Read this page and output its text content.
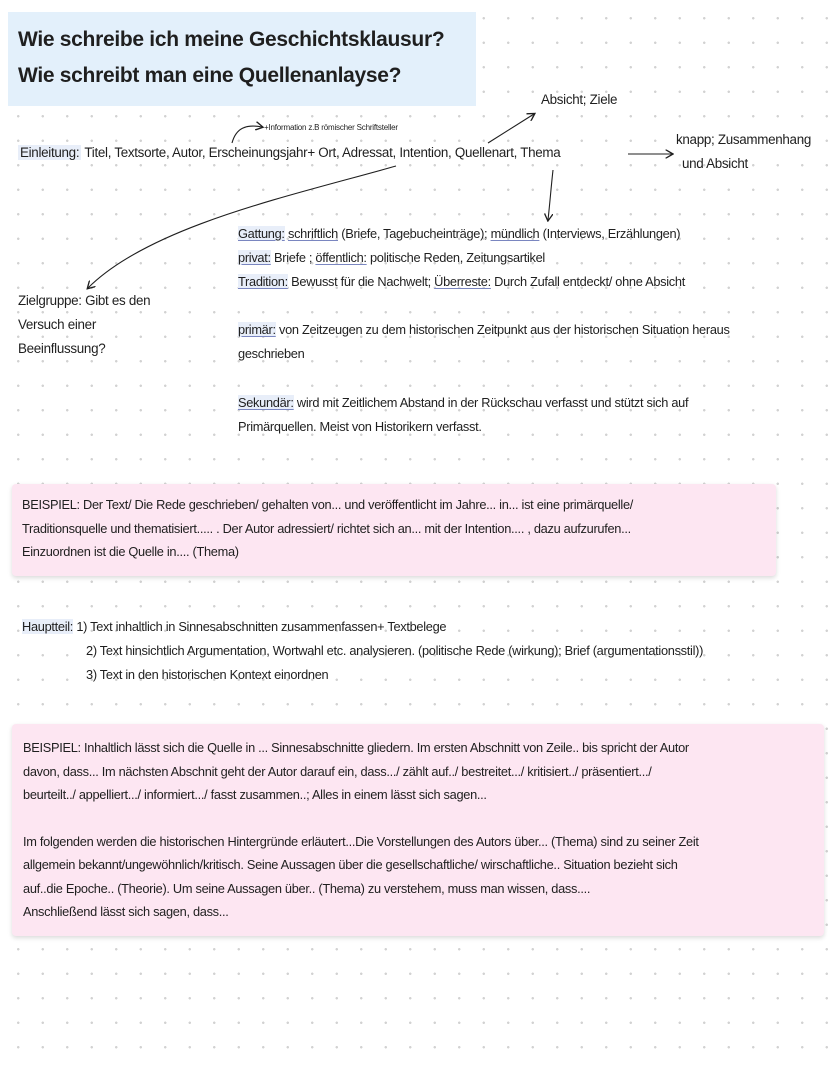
Wie schreibe ich meine Geschichtsklausur?
Wie schreibt man eine Quellenanlayse?
Absicht; Ziele
+Information z.B römischer Schriftsteller
knapp; Zusammenhang
und Absicht
Einleitung: Titel, Textsorte, Autor, Erscheinungsjahr+ Ort, Adressat, Intention, Quellenart, Thema
Zielgruppe: Gibt es den
Versuch einer
Beeinflussung?
Gattung: schriftlich (Briefe, Tagebucheinträge); mündlich (Interviews, Erzählungen)
privat: Briefe ; öffentlich: politische Reden, Zeitungsartikel
Tradition: Bewusst für die Nachwelt; Überreste: Durch Zufall entdeckt/ ohne Absicht
primär: von Zeitzeugen zu dem historischen Zeitpunkt aus der historischen Situation heraus
geschrieben
Sekundär: wird mit Zeitlichem Abstand in der Rückschau verfasst und stützt sich auf
Primärquellen. Meist von Historikern verfasst.
BEISPIEL: Der Text/ Die Rede geschrieben/ gehalten von... und veröffentlicht im Jahre... in... ist eine primärquelle/
Traditionsquelle und thematisiert..... . Der Autor adressiert/ richtet sich an... mit der Intention.... , dazu aufzurufen...
Einzuordnen ist die Quelle in.... (Thema)
Hauptteil: 1) Text inhaltlich in Sinnesabschnitten zusammenfassen+ Textbelege
2) Text hinsichtlich Argumentation, Wortwahl etc. analysieren. (politische Rede (wirkung); Brief (argumentationsstil))
3) Text in den historischen Kontext einordnen
BEISPIEL: Inhaltlich lässt sich die Quelle in ... Sinnesabschnitte gliedern. Im ersten Abschnitt von Zeile.. bis spricht der Autor
davon, dass... Im nächsten Abschnit geht der Autor darauf ein, dass.../ zählt auf../ bestreitet.../ kritisiert../ präsentiert.../
beurteilt../ appelliert.../ informiert.../ fasst zusammen..; Alles in einem lässt sich sagen...
Im folgenden werden die historischen Hintergründe erläutert...Die Vorstellungen des Autors über... (Thema) sind zu seiner Zeit
allgemein bekannt/ungewöhnlich/kritisch. Seine Aussagen über die gesellschaftliche/ wirschaftliche.. Situation bezieht sich
auf..die Epoche.. (Theorie). Um seine Aussagen über.. (Thema) zu verstehem, muss man wissen, dass....
Anschließend lässt sich sagen, dass...
